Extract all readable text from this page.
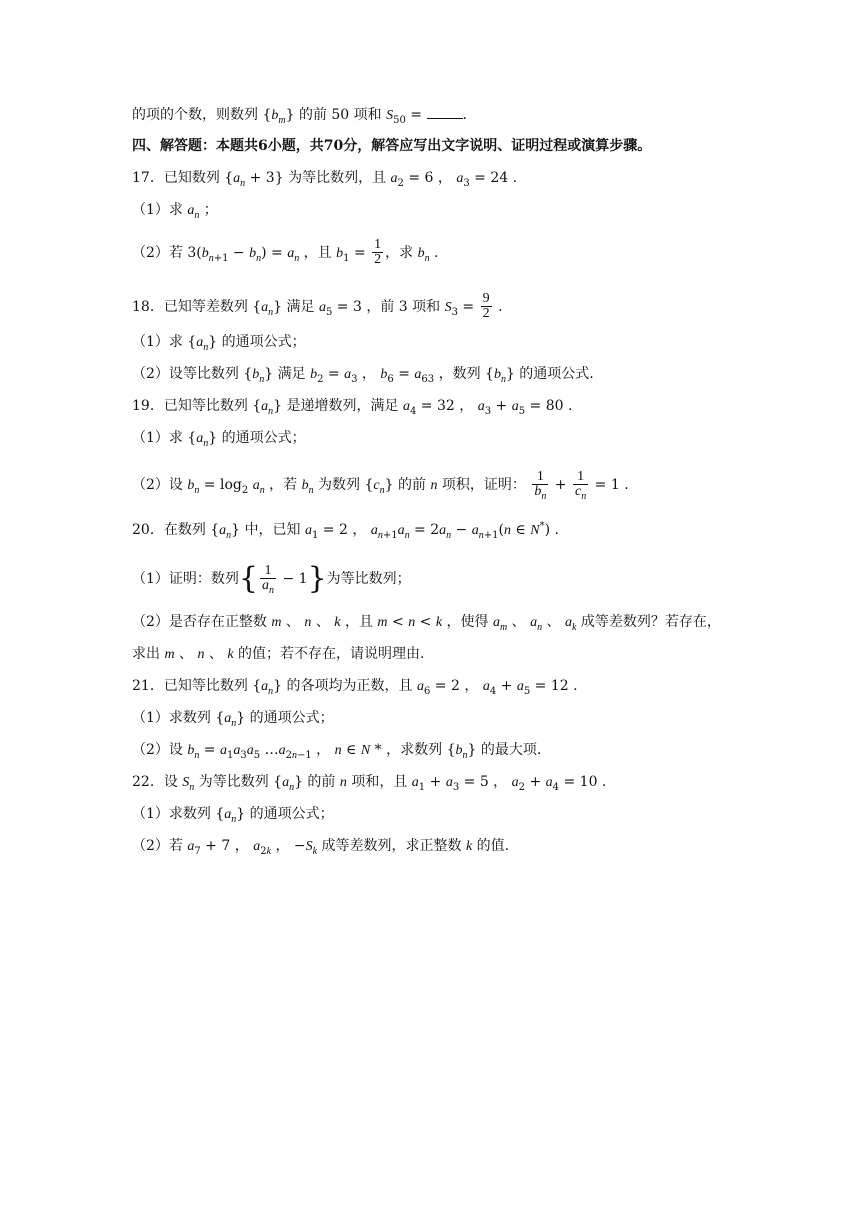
的项的个数，则数列 $\{b_m\}$ 的前 50 项和 $S_{50}$ =	.
四、解答题：本题共6小题，共70分，解答应写出文字说明、证明过程或演算步骤。
17．已知数列 $\{a_n + 3\}$ 为等比数列，且 $a_2 = 6$ ， $a_3 = 24$ .
（1）求 $a_n$ ；
（2）若 $3(b_{n+1} - b_n) = a_n$ ，且 $b_1 = \frac{1}{2}$ ，求 $b_n$ .
18．已知等差数列 $\{a_n\}$ 满足 $a_5 = 3$ ，前 3 项和 $S_3 = \frac{9}{2}$ .
（1）求 $\{a_n\}$ 的通项公式；
（2）设等比数列 $\{b_n\}$ 满足 $b_2 = a_3$ ， $b_6 = a_{63}$ ，数列 $\{b_n\}$ 的通项公式.
19．已知等比数列 $\{a_n\}$ 是递增数列，满足 $a_4 = 32$ ， $a_3 + a_5 = 80$ .
（1）求 $\{a_n\}$ 的通项公式；
（2）设 $b_n = \log_2 a_n$ ，若 $b_n$ 为数列 $\{c_n\}$ 的前 n 项积，证明： $\frac{1}{b_n} + \frac{1}{c_n} = 1$ .
20．在数列 $\{a_n\}$ 中，已知 $a_1 = 2$ ， $a_{n+1}a_n = 2a_n - a_{n+1}(n$ ∈ N*) .
（1）证明：数列{ $\frac{1}{a_n} - 1$}为等比数列；
（2）是否存在正整数 m 、 n 、 k ，且 m < n < k ，使得 $a_m$ 、 $a_n$ 、 $a_k$ 成等差数列？若存在，
求出 m 、 n 、 k 的值；若不存在，请说明理由.
21．已知等比数列 $\{a_n\}$ 的各项均为正数，且 $a_6 = 2$ ， $a_4 + a_5 = 12$ .
（1）求数列 $\{a_n\}$ 的通项公式；
（2）设 $b_n = a_1a_3a_5$ $\dots a_{2n-1}$ ， n ∈ N * ，求数列 $\{b_n\}$ 的最大项.
22．设 $S_n$ 为等比数列 $\{a_n\}$ 的前 n 项和，且 $a_1 + a_3 = 5$ ， $a_2 + a_4 = 10$ .
（1）求数列 $\{a_n\}$ 的通项公式；
（2）若 $a_7 + 7$ ， $a_{2k}$ ， $-S_k$ 成等差数列，求正整数 k 的值.
